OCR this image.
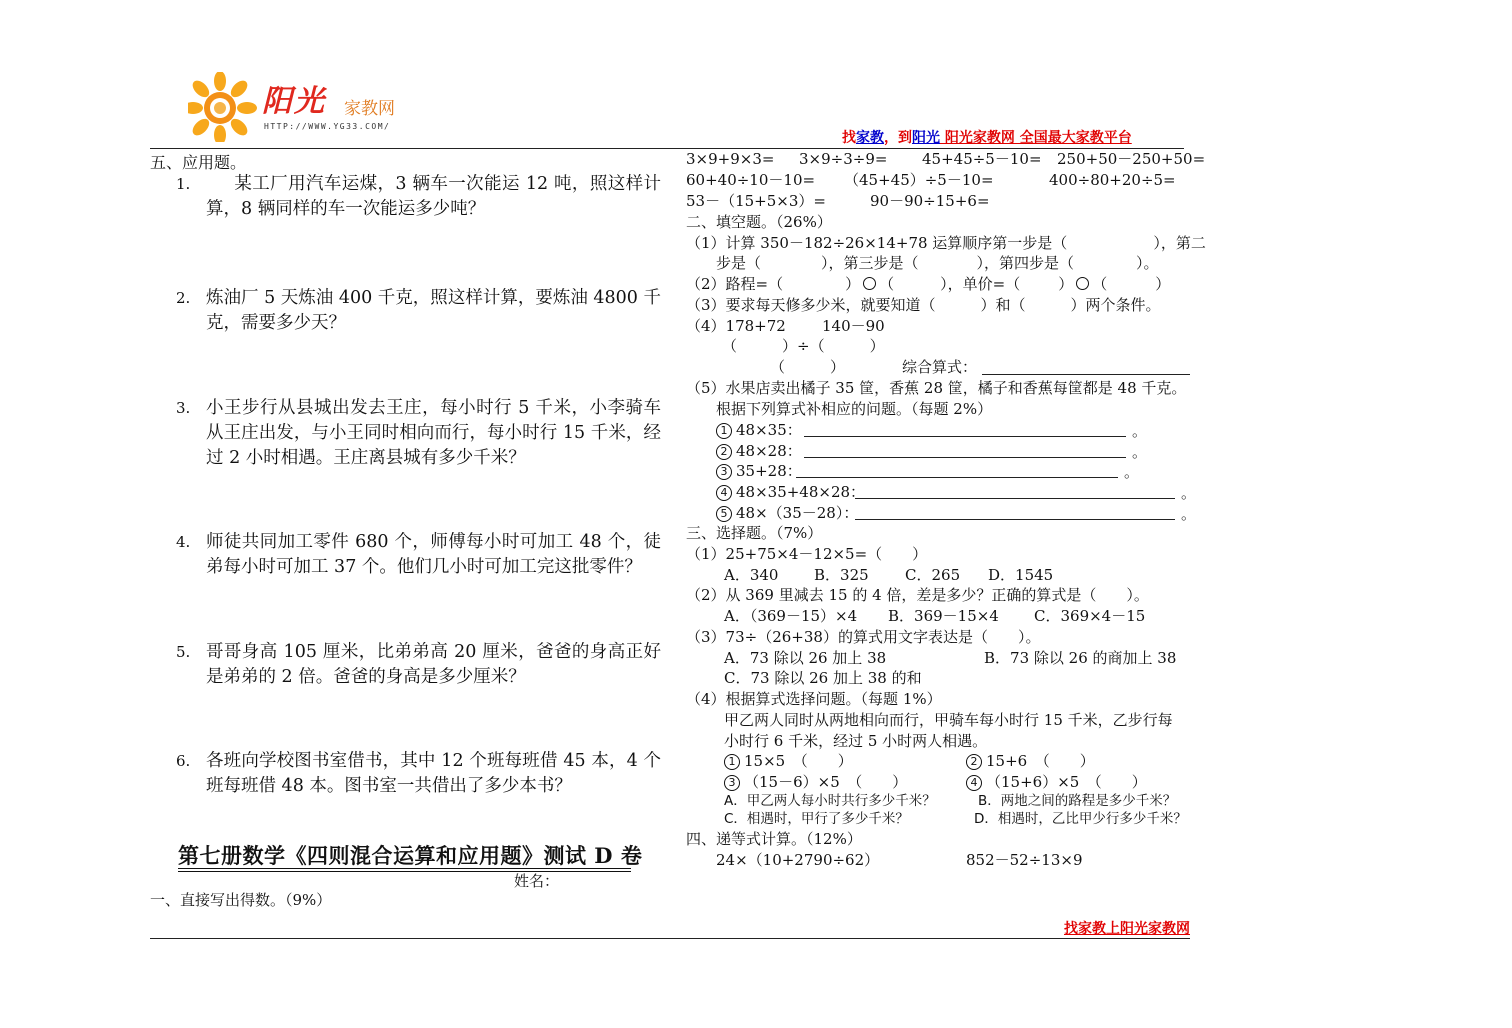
阳光 家教网
HTTP://WWW.YG33.COM/
找家教，到阳光 阳光家教网 全国最大家教平台
五、应用题。
1.	某工厂用汽车运煤，3 辆车一次能运 12 吨，照这样计算，8 辆同样的车一次能运多少吨？
2. 炼油厂 5 天炼油 400 千克，照这样计算，要炼油 4800 千克，需要多少天？
3. 小王步行从县城出发去王庄，每小时行 5 千米，小李骑车从王庄出发，与小王同时相向而行，每小时行 15 千米，经过 2 小时相遇。王庄离县城有多少千米？
4. 师徒共同加工零件 680 个，师傅每小时可加工 48 个，徒弟每小时可加工 37 个。他们几小时可加工完这批零件？
5. 哥哥身高 105 厘米，比弟弟高 20 厘米，爸爸的身高正好是弟弟的 2 倍。爸爸的身高是多少厘米？
6. 各班向学校图书室借书，其中 12 个班每班借 45 本，4 个班每班借 48 本。图书室一共借出了多少本书？
第七册数学《四则混合运算和应用题》测试 D 卷
姓名：
一、直接写出得数。（9%）
3×9+9×3= 3×9÷3÷9= 45+45÷5－10= 250+50－250+50=
60+40÷10－10= （45+45）÷5－10=	400÷80+20÷5=
53－（15+5×3）=	90－90÷15+6=
二、填空题。（26%）
（1）计算 350－182÷26×14+78 运算顺序第一步是（	），第二
步是（	），第三步是（	），第四步是（	）。
（2）路程=（	） （	），单价=（	） （	）
（3）要求每天修多少米，就要知道（　　　）和（　　　）两个条件。
（4）178+72 140－90
（　　　）÷（　　　）
（　　　）	综合算式：
（5）水果店卖出橘子 35 筐，香蕉 28 筐，橘子和香蕉每筐都是 48 千克。
根据下列算式补相应的问题。（每题 2%）
1 48×35：	。
2 48×28：	。
3 35+28：	。
4 48×35+48×28：	。
5 48×（35－28）：	。
三、选择题。（7%）
（1）25+75×4－12×5=（　　）
A．340 B．325 C．265 D．1545
（2）从 369 里减去 15 的 4 倍，差是多少？正确的算式是（　　）。
A．（369－15）×4 B．369－15×4 C．369×4－15
（3）73÷（26+38）的算式用文字表达是（　　）。
A．73 除以 26 加上 38	B．73 除以 26 的商加上 38
C．73 除以 26 加上 38 的和
（4）根据算式选择问题。（每题 1%）
甲乙两人同时从两地相向而行，甲骑车每小时行 15 千米，乙步行每
小时行 6 千米，经过 5 小时两人相遇。
1 15×5　（　　）	2 15+6　（　　）
3 （15－6）×5　（　　）	4 （15+6）×5　（　　）
A．甲乙两人每小时共行多少千米？	B．两地之间的路程是多少千米？
C．相遇时，甲行了多少千米？	D．相遇时，乙比甲少行多少千米？
四、递等式计算。（12%）
24×（10+2790÷62）	852－52÷13×9
找家教上阳光家教网
